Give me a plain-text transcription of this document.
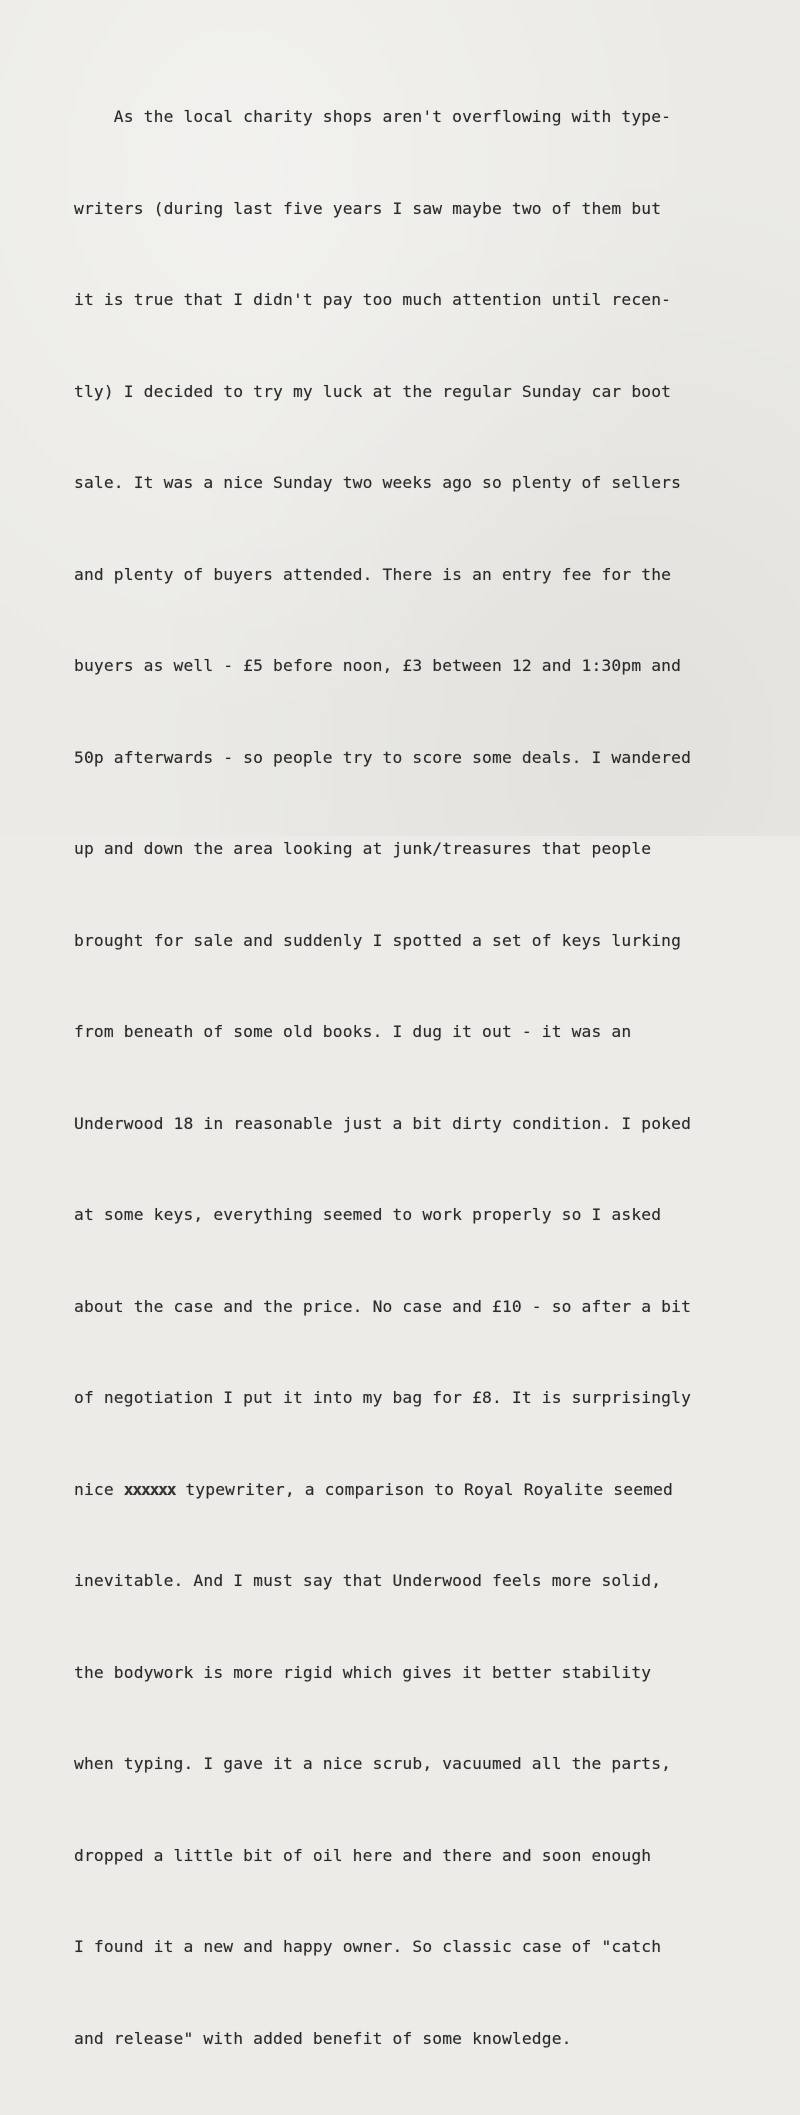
As the local charity shops aren't overflowing with type-

writers (during last five years I saw maybe two of them but

it is true that I didn't pay too much attention until recen-

tly) I decided to try my luck at the regular Sunday car boot

sale. It was a nice Sunday two weeks ago so plenty of sellers

and plenty of buyers attended. There is an entry fee for the

buyers as well - £5 before noon, £3 between 12 and 1:30pm and

50p afterwards - so people try to score some deals. I wandered

up and down the area looking at junk/treasures that people

brought for sale and suddenly I spotted a set of keys lurking

from beneath of some old books. I dug it out - it was an

Underwood 18 in reasonable just a bit dirty condition. I poked

at some keys, everything seemed to work properly so I asked

about the case and the price. No case and £10 - so after a bit

of negotiation I put it into my bag for £8. It is surprisingly

nice xxxxxx typewriter, a comparison to Royal Royalite seemed

inevitable. And I must say that Underwood feels more solid,

the bodywork is more rigid which gives it better stability

when typing. I gave it a nice scrub, vacuumed all the parts,

dropped a little bit of oil here and there and soon enough

I found it a new and happy owner. So classic case of "catch

and release" with added benefit of some knowledge.
